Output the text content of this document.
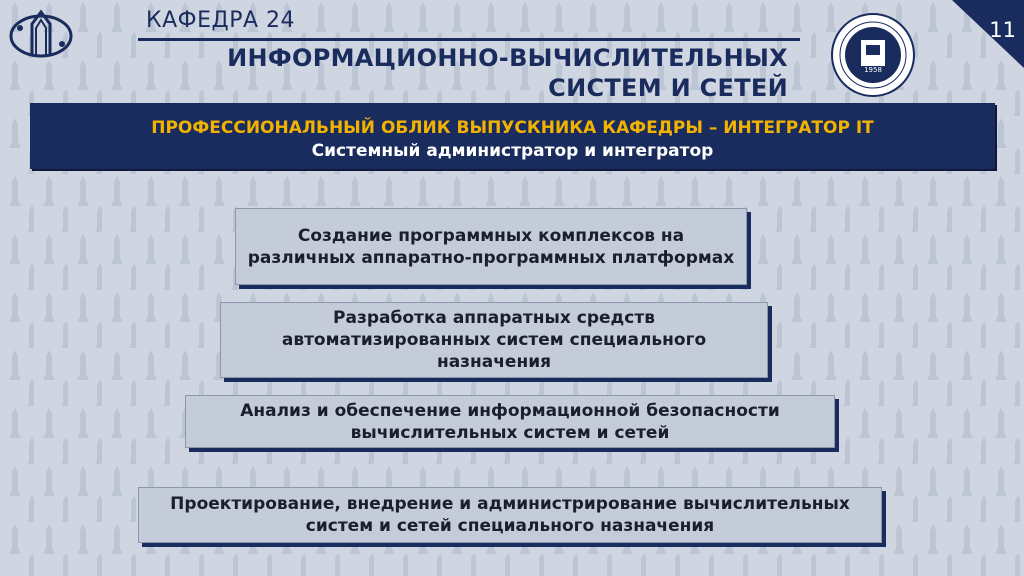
КАФЕДРА 24
ИНФОРМАЦИОННО-ВЫЧИСЛИТЕЛЬНЫХ
СИСТЕМ И СЕТЕЙ
1958
11
ПРОФЕССИОНАЛЬНЫЙ ОБЛИК ВЫПУСКНИКА КАФЕДРЫ – ИНТЕГРАТОР IT
Системный администратор и интегратор
Создание программных комплексов на различных аппаратно-программных платформах
Разработка аппаратных средств автоматизированных систем специального назначения
Анализ и обеспечение информационной безопасности вычислительных систем и сетей
Проектирование, внедрение и администрирование вычислительных систем и сетей специального назначения
